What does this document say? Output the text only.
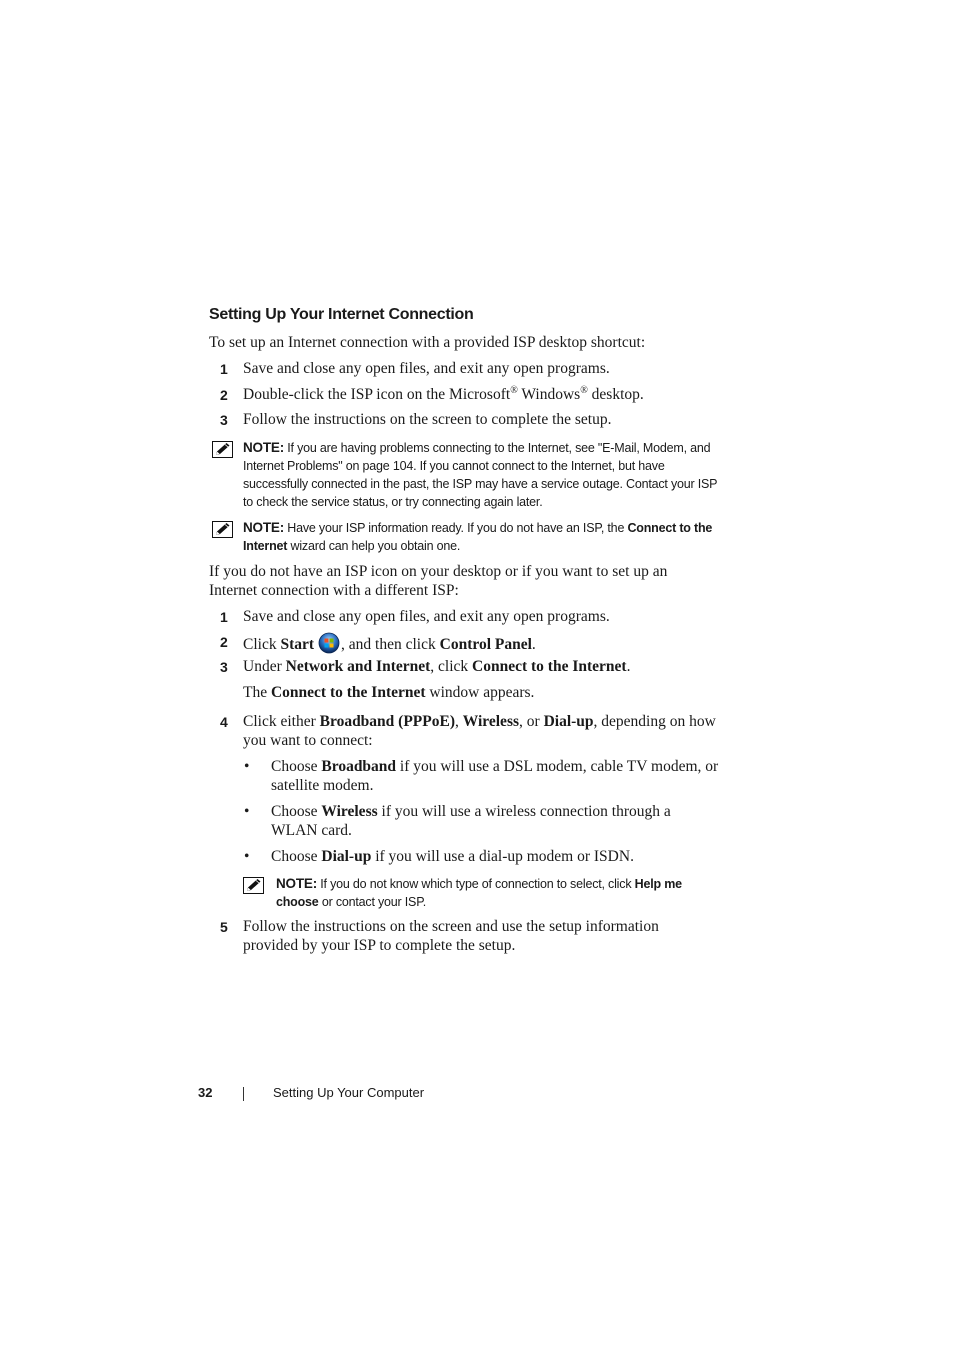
Setting Up Your Internet Connection
To set up an Internet connection with a provided ISP desktop shortcut:
1 Save and close any open files, and exit any open programs.
2 Double-click the ISP icon on the Microsoft® Windows® desktop.
3 Follow the instructions on the screen to complete the setup.
NOTE: If you are having problems connecting to the Internet, see "E-Mail, Modem, and Internet Problems" on page 104. If you cannot connect to the Internet, but have successfully connected in the past, the ISP may have a service outage. Contact your ISP to check the service status, or try connecting again later.
NOTE: Have your ISP information ready. If you do not have an ISP, the Connect to the Internet wizard can help you obtain one.
If you do not have an ISP icon on your desktop or if you want to set up an Internet connection with a different ISP:
1 Save and close any open files, and exit any open programs.
2 Click Start , and then click Control Panel.
3 Under Network and Internet, click Connect to the Internet.
The Connect to the Internet window appears.
4 Click either Broadband (PPPoE), Wireless, or Dial-up, depending on how you want to connect:
• Choose Broadband if you will use a DSL modem, cable TV modem, or satellite modem.
• Choose Wireless if you will use a wireless connection through a WLAN card.
• Choose Dial-up if you will use a dial-up modem or ISDN.
NOTE: If you do not know which type of connection to select, click Help me choose or contact your ISP.
5 Follow the instructions on the screen and use the setup information provided by your ISP to complete the setup.
32	Setting Up Your Computer
